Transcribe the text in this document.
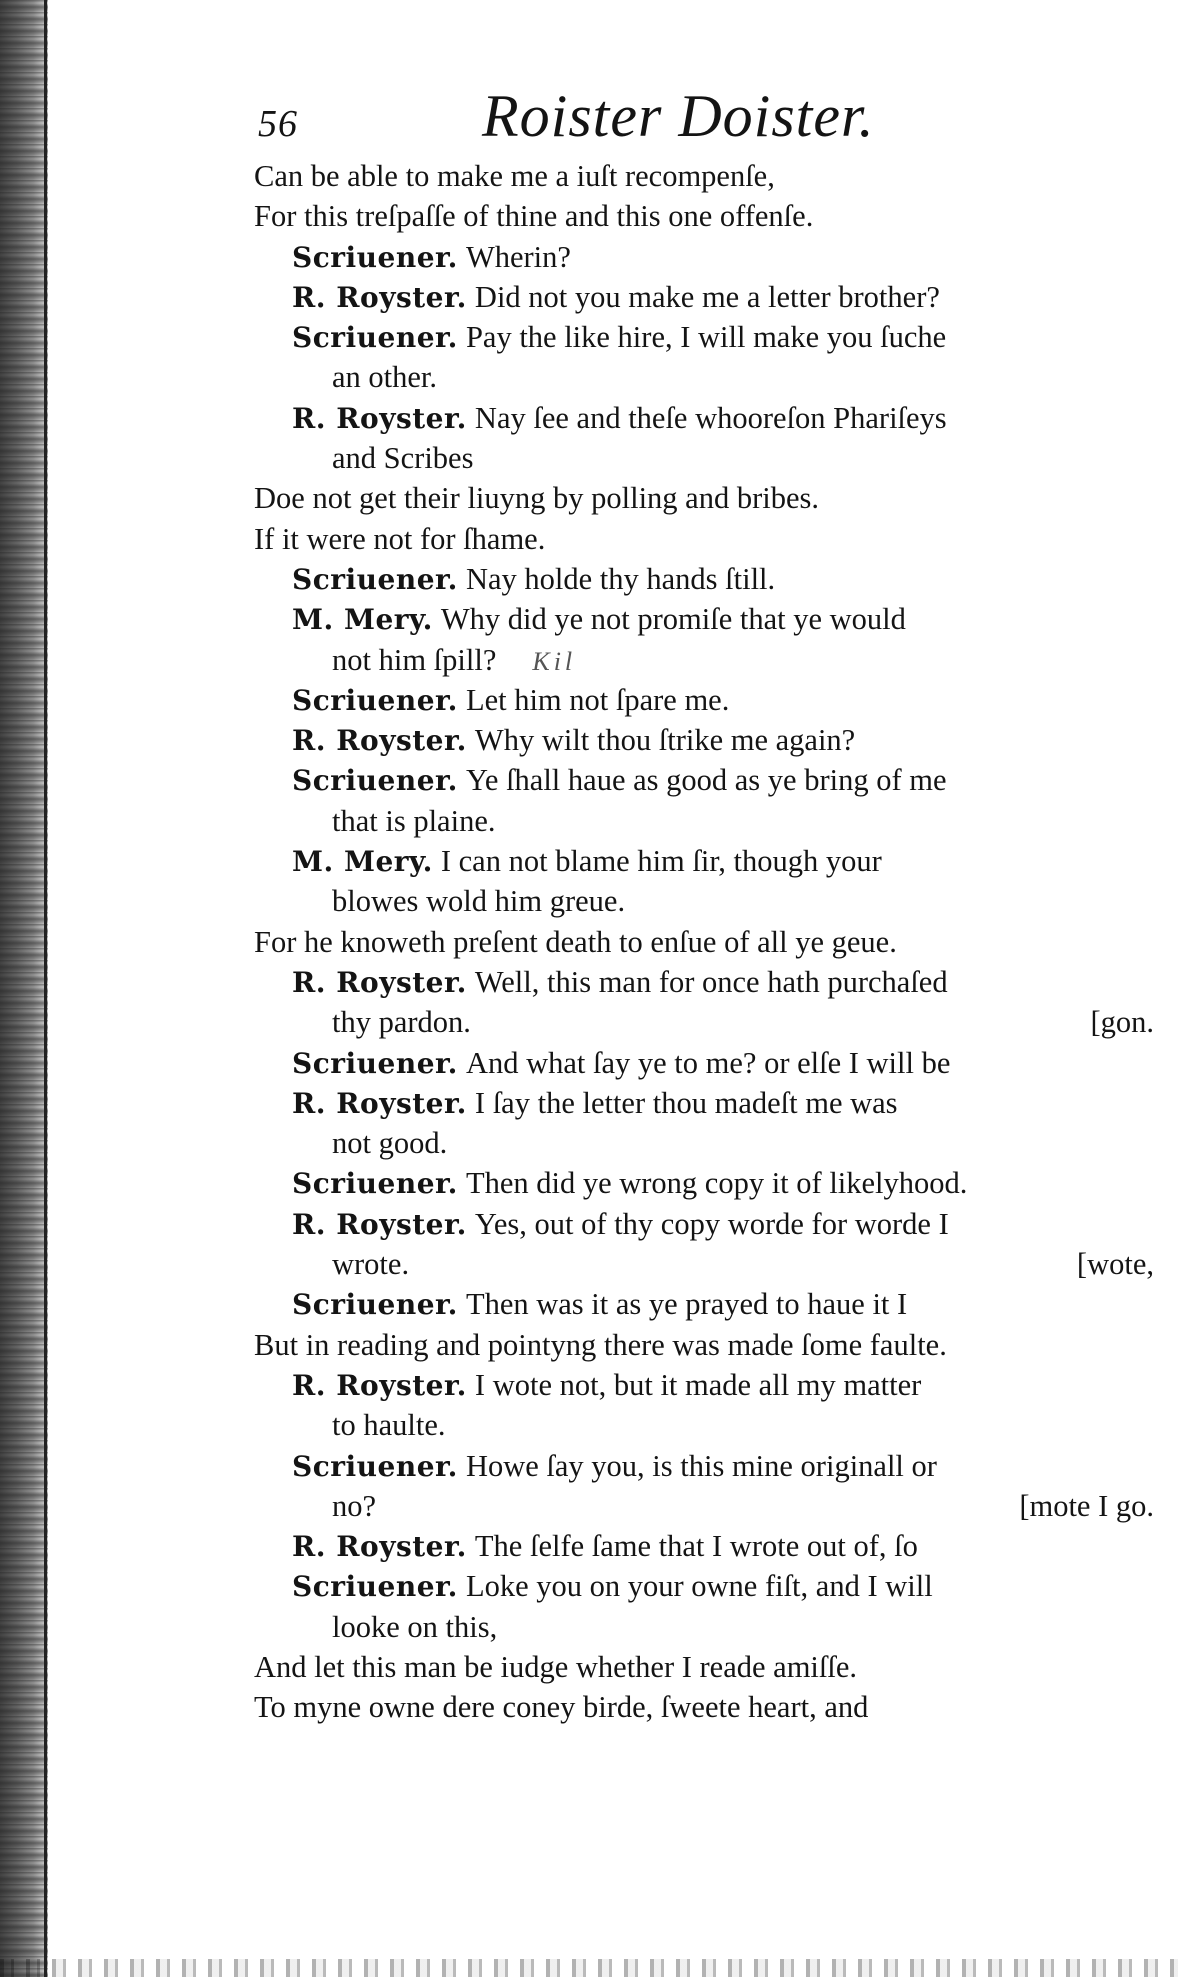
56	Roister Doister.
Can be able to make me a iuſt recompenſe,
For this treſpaſſe of thine and this one offenſe.
Scriuener. Wherin?
R. Royster. Did not you make me a letter brother?
Scriuener. Pay the like hire, I will make you ſuche
an other.
R. Royster. Nay ſee and theſe whooreſon Phariſeys
and Scribes
Doe not get their liuyng by polling and bribes.
If it were not for ſhame.
Scriuener. Nay holde thy hands ſtill.
M. Mery. Why did ye not promiſe that ye would
not him ſpill? Kil
Scriuener. Let him not ſpare me.
R. Royster. Why wilt thou ſtrike me again?
Scriuener. Ye ſhall haue as good as ye bring of me
that is plaine.
M. Mery. I can not blame him ſir, though your
blowes wold him greue.
For he knoweth preſent death to enſue of all ye geue.
R. Royster. Well, this man for once hath purchaſed
thy pardon.	[gon.
Scriuener. And what ſay ye to me? or elſe I will be
R. Royster. I ſay the letter thou madeſt me was
not good.
Scriuener. Then did ye wrong copy it of likelyhood.
R. Royster. Yes, out of thy copy worde for worde I
wrote.	[wote,
Scriuener. Then was it as ye prayed to haue it I
But in reading and pointyng there was made ſome faulte.
R. Royster. I wote not, but it made all my matter
to haulte.
Scriuener. Howe ſay you, is this mine originall or
no?	[mote I go.
R. Royster. The ſelfe ſame that I wrote out of, ſo
Scriuener. Loke you on your owne fiſt, and I will
looke on this,
And let this man be iudge whether I reade amiſſe.
To myne owne dere coney birde, ſweete heart, and
